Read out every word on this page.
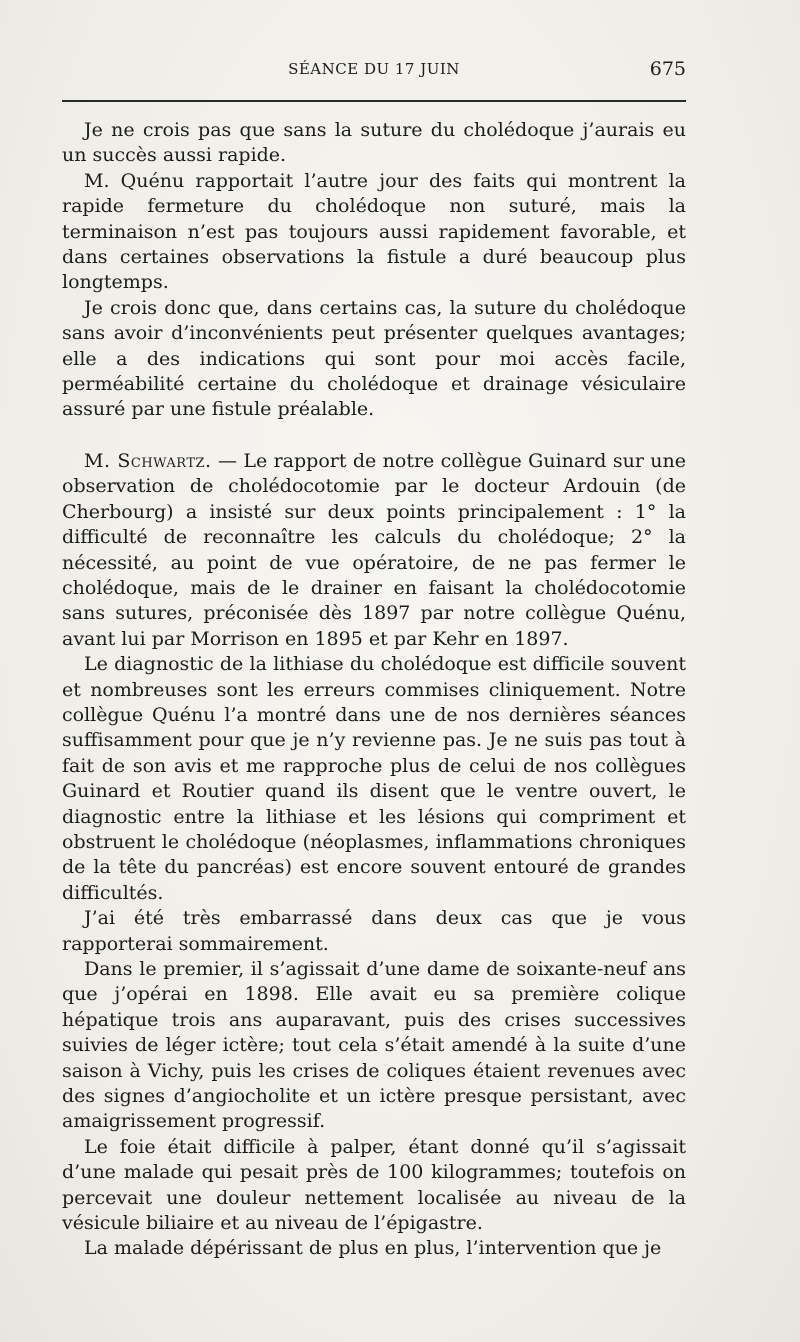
SÉANCE DU 17 JUIN	675

Je ne crois pas que sans la suture du cholédoque j’aurais eu un succès aussi rapide.

M. Quénu rapportait l’autre jour des faits qui montrent la rapide fermeture du cholédoque non suturé, mais la terminaison n’est pas toujours aussi rapidement favorable, et dans certaines observations la fistule a duré beaucoup plus longtemps.

Je crois donc que, dans certains cas, la suture du cholédoque sans avoir d’inconvénients peut présenter quelques avantages; elle a des indications qui sont pour moi accès facile, perméabilité certaine du cholédoque et drainage vésiculaire assuré par une fistule préalable.

M. Schwartz. — Le rapport de notre collègue Guinard sur une observation de cholédocotomie par le docteur Ardouin (de Cherbourg) a insisté sur deux points principalement : 1° la difficulté de reconnaître les calculs du cholédoque; 2° la nécessité, au point de vue opératoire, de ne pas fermer le cholédoque, mais de le drainer en faisant la cholédocotomie sans sutures, préconisée dès 1897 par notre collègue Quénu, avant lui par Morrison en 1895 et par Kehr en 1897.

Le diagnostic de la lithiase du cholédoque est difficile souvent et nombreuses sont les erreurs commises cliniquement. Notre collègue Quénu l’a montré dans une de nos dernières séances suffisamment pour que je n’y revienne pas. Je ne suis pas tout à fait de son avis et me rapproche plus de celui de nos collègues Guinard et Routier quand ils disent que le ventre ouvert, le diagnostic entre la lithiase et les lésions qui compriment et obstruent le cholédoque (néoplasmes, inflammations chroniques de la tête du pancréas) est encore souvent entouré de grandes difficultés.

J’ai été très embarrassé dans deux cas que je vous rapporterai sommairement.

Dans le premier, il s’agissait d’une dame de soixante-neuf ans que j’opérai en 1898. Elle avait eu sa première colique hépatique trois ans auparavant, puis des crises successives suivies de léger ictère; tout cela s’était amendé à la suite d’une saison à Vichy, puis les crises de coliques étaient revenues avec des signes d’angiocholite et un ictère presque persistant, avec amaigrissement progressif.

Le foie était difficile à palper, étant donné qu’il s’agissait d’une malade qui pesait près de 100 kilogrammes; toutefois on percevait une douleur nettement localisée au niveau de la vésicule biliaire et au niveau de l’épigastre.

La malade dépérissant de plus en plus, l’intervention que je
